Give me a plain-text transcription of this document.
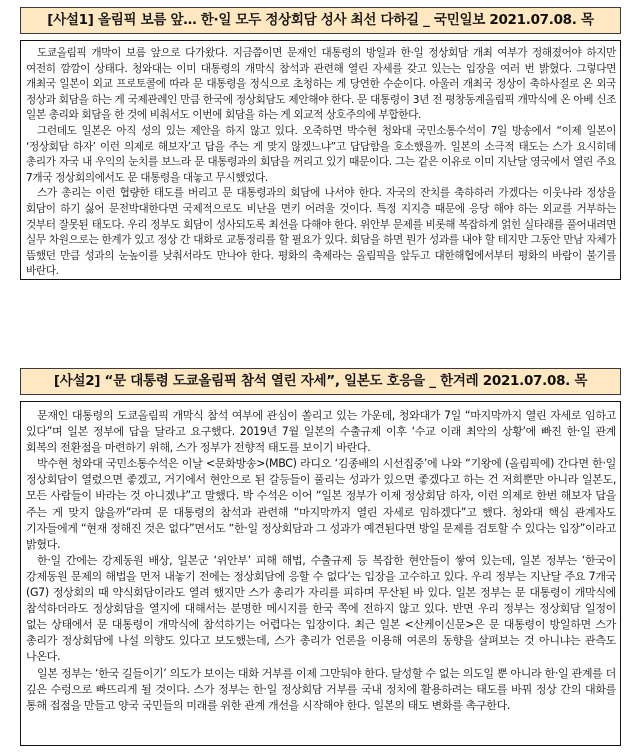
[사설1] 올림픽 보름 앞… 한·일 모두 정상회담 성사 최선 다하길 _ 국민일보 2021.07.08. 목

도쿄올림픽 개막이 보름 앞으로 다가왔다. 지금쯤이면 문재인 대통령의 방일과 한·일 정상회담 개최 여부가 정해졌어야 하지만 여전히 깜깜이 상태다. 청와대는 이미 대통령의 개막식 참석과 관련해 열린 자세를 갖고 있는는 입장을 여러 번 밝혔다. 그렇다면 개최국 일본이 외교 프로토콜에 따라 문 대통령을 정식으로 초청하는 게 당연한 수순이다. 아울러 개최국 정상이 축하사절로 온 외국 정상과 회담을 하는 게 국제관례인 만큼 한국에 정상회담도 제안해야 한다. 문 대통령이 3년 전 평창동계올림픽 개막식에 온 아베 신조 일본 총리와 회담을 한 것에 비춰서도 이번에 회담을 하는 게 외교적 상호주의에 부합한다.

그런데도 일본은 아직 성의 있는 제안을 하지 않고 있다. 오죽하면 박수현 청와대 국민소통수석이 7일 방송에서 “이제 일본이 ‘정상회담 하자’ 이런 의제로 해보자’고 답을 주는 게 맞지 않겠느냐”고 답답함을 호소했을까. 일본의 소극적 태도는 스가 요시히데 총리가 자국 내 우익의 눈치를 보느라 문 대통령과의 회담을 꺼리고 있기 때문이다. 그는 같은 이유로 이미 지난달 영국에서 열린 주요 7개국 정상회의에서도 문 대통령을 대놓고 무시했었다.

스가 총리는 이런 협량한 태도를 버리고 문 대통령과의 회담에 나서야 한다. 자국의 잔치를 축하하러 가겠다는 이웃나라 정상을 회담이 하기 싫어 문전박대한다면 국제적으로도 비난을 면키 어려울 것이다. 특정 지지층 때문에 응당 해야 하는 외교를 거부하는 것부터 잘못된 태도다. 우리 정부도 회담이 성사되도록 최선을 다해야 한다. 위안부 문제를 비롯해 복잡하게 얽힌 실타래를 풀어내려면 실무 차원으로는 한계가 있고 정상 간 대화로 교통정리를 할 필요가 있다. 회담을 하면 뭔가 성과를 내야 할 테지만 그동안 만남 자체가 뜸했던 만큼 성과의 눈높이를 낮춰서라도 만나야 한다. 평화의 축제라는 올림픽을 앞두고 대한해협에서부터 평화의 바람이 불기를 바란다.

[사설2] “문 대통령 도쿄올림픽 참석 열린 자세”, 일본도 호응을 _ 한겨레 2021.07.08. 목

문재인 대통령의 도쿄올림픽 개막식 참석 여부에 관심이 쏠리고 있는 가운데, 청와대가 7일 “마지막까지 열린 자세로 임하고 있다”며 일본 정부에 답을 달라고 요구했다. 2019년 7월 일본의 수출규제 이후 ‘수교 이래 최악의 상황’에 빠진 한·일 관계 회복의 전환점을 마련하기 위해, 스가 정부가 전향적 태도를 보이기 바란다.

박수현 청와대 국민소통수석은 이날 <문화방송>(MBC) 라디오 ‘김종배의 시선집중’에 나와 “기왕에 (올림픽에) 간다면 한·일 정상회담이 열렸으면 좋겠고, 거기에서 현안으로 된 갈등들이 풀리는 성과가 있으면 좋겠다고 하는 건 저희뿐만 아니라 일본도, 모든 사람들이 바라는 것 아니겠냐”고 말했다. 박 수석은 이어 “일본 정부가 이제 정상회담 하자, 이런 의제로 한번 해보자 답을 주는 게 맞지 않을까”라며 문 대통령의 참석과 관련해 “마지막까지 열린 자세로 임하겠다”고 했다. 청와대 핵심 관계자도 기자들에게 “현재 정해진 것은 없다”면서도 “한·일 정상회담과 그 성과가 예견된다면 방일 문제를 검토할 수 있다는 입장”이라고 밝혔다.

한·일 간에는 강제동원 배상, 일본군 ‘위안부’ 피해 해법, 수출규제 등 복잡한 현안들이 쌓여 있는데, 일본 정부는 ‘한국이 강제동원 문제의 해법을 먼저 내놓기 전에는 정상회담에 응할 수 없다’는 입장을 고수하고 있다. 우리 정부는 지난달 주요 7개국(G7) 정상회의 때 약식회담이라도 열려 했지만 스가 총리가 자리를 피하며 무산된 바 있다. 일본 정부는 문 대통령이 개막식에 참석하더라도 정상회담을 열지에 대해서는 분명한 메시지를 한국 쪽에 전하지 않고 있다. 반면 우리 정부는 정상회담 일정이 없는 상태에서 문 대통령이 개막식에 참석하기는 어렵다는 입장이다. 최근 일본 <산케이신문>은 문 대통령이 방일하면 스가 총리가 정상회담에 나설 의향도 있다고 보도했는데, 스가 총리가 언론을 이용해 여론의 동향을 살펴보는 것 아니냐는 관측도 나온다.

일본 정부는 ‘한국 길들이기’ 의도가 보이는 대화 거부를 이제 그만둬야 한다. 달성할 수 없는 의도일 뿐 아니라 한·일 관계를 더 깊은 수렁으로 빠뜨리게 될 것이다. 스가 정부는 한·일 정상회담 거부를 국내 정치에 활용하려는 태도를 바꿔 정상 간의 대화를 통해 접점을 만들고 양국 국민들의 미래를 위한 관계 개선을 시작해야 한다. 일본의 태도 변화를 촉구한다.
